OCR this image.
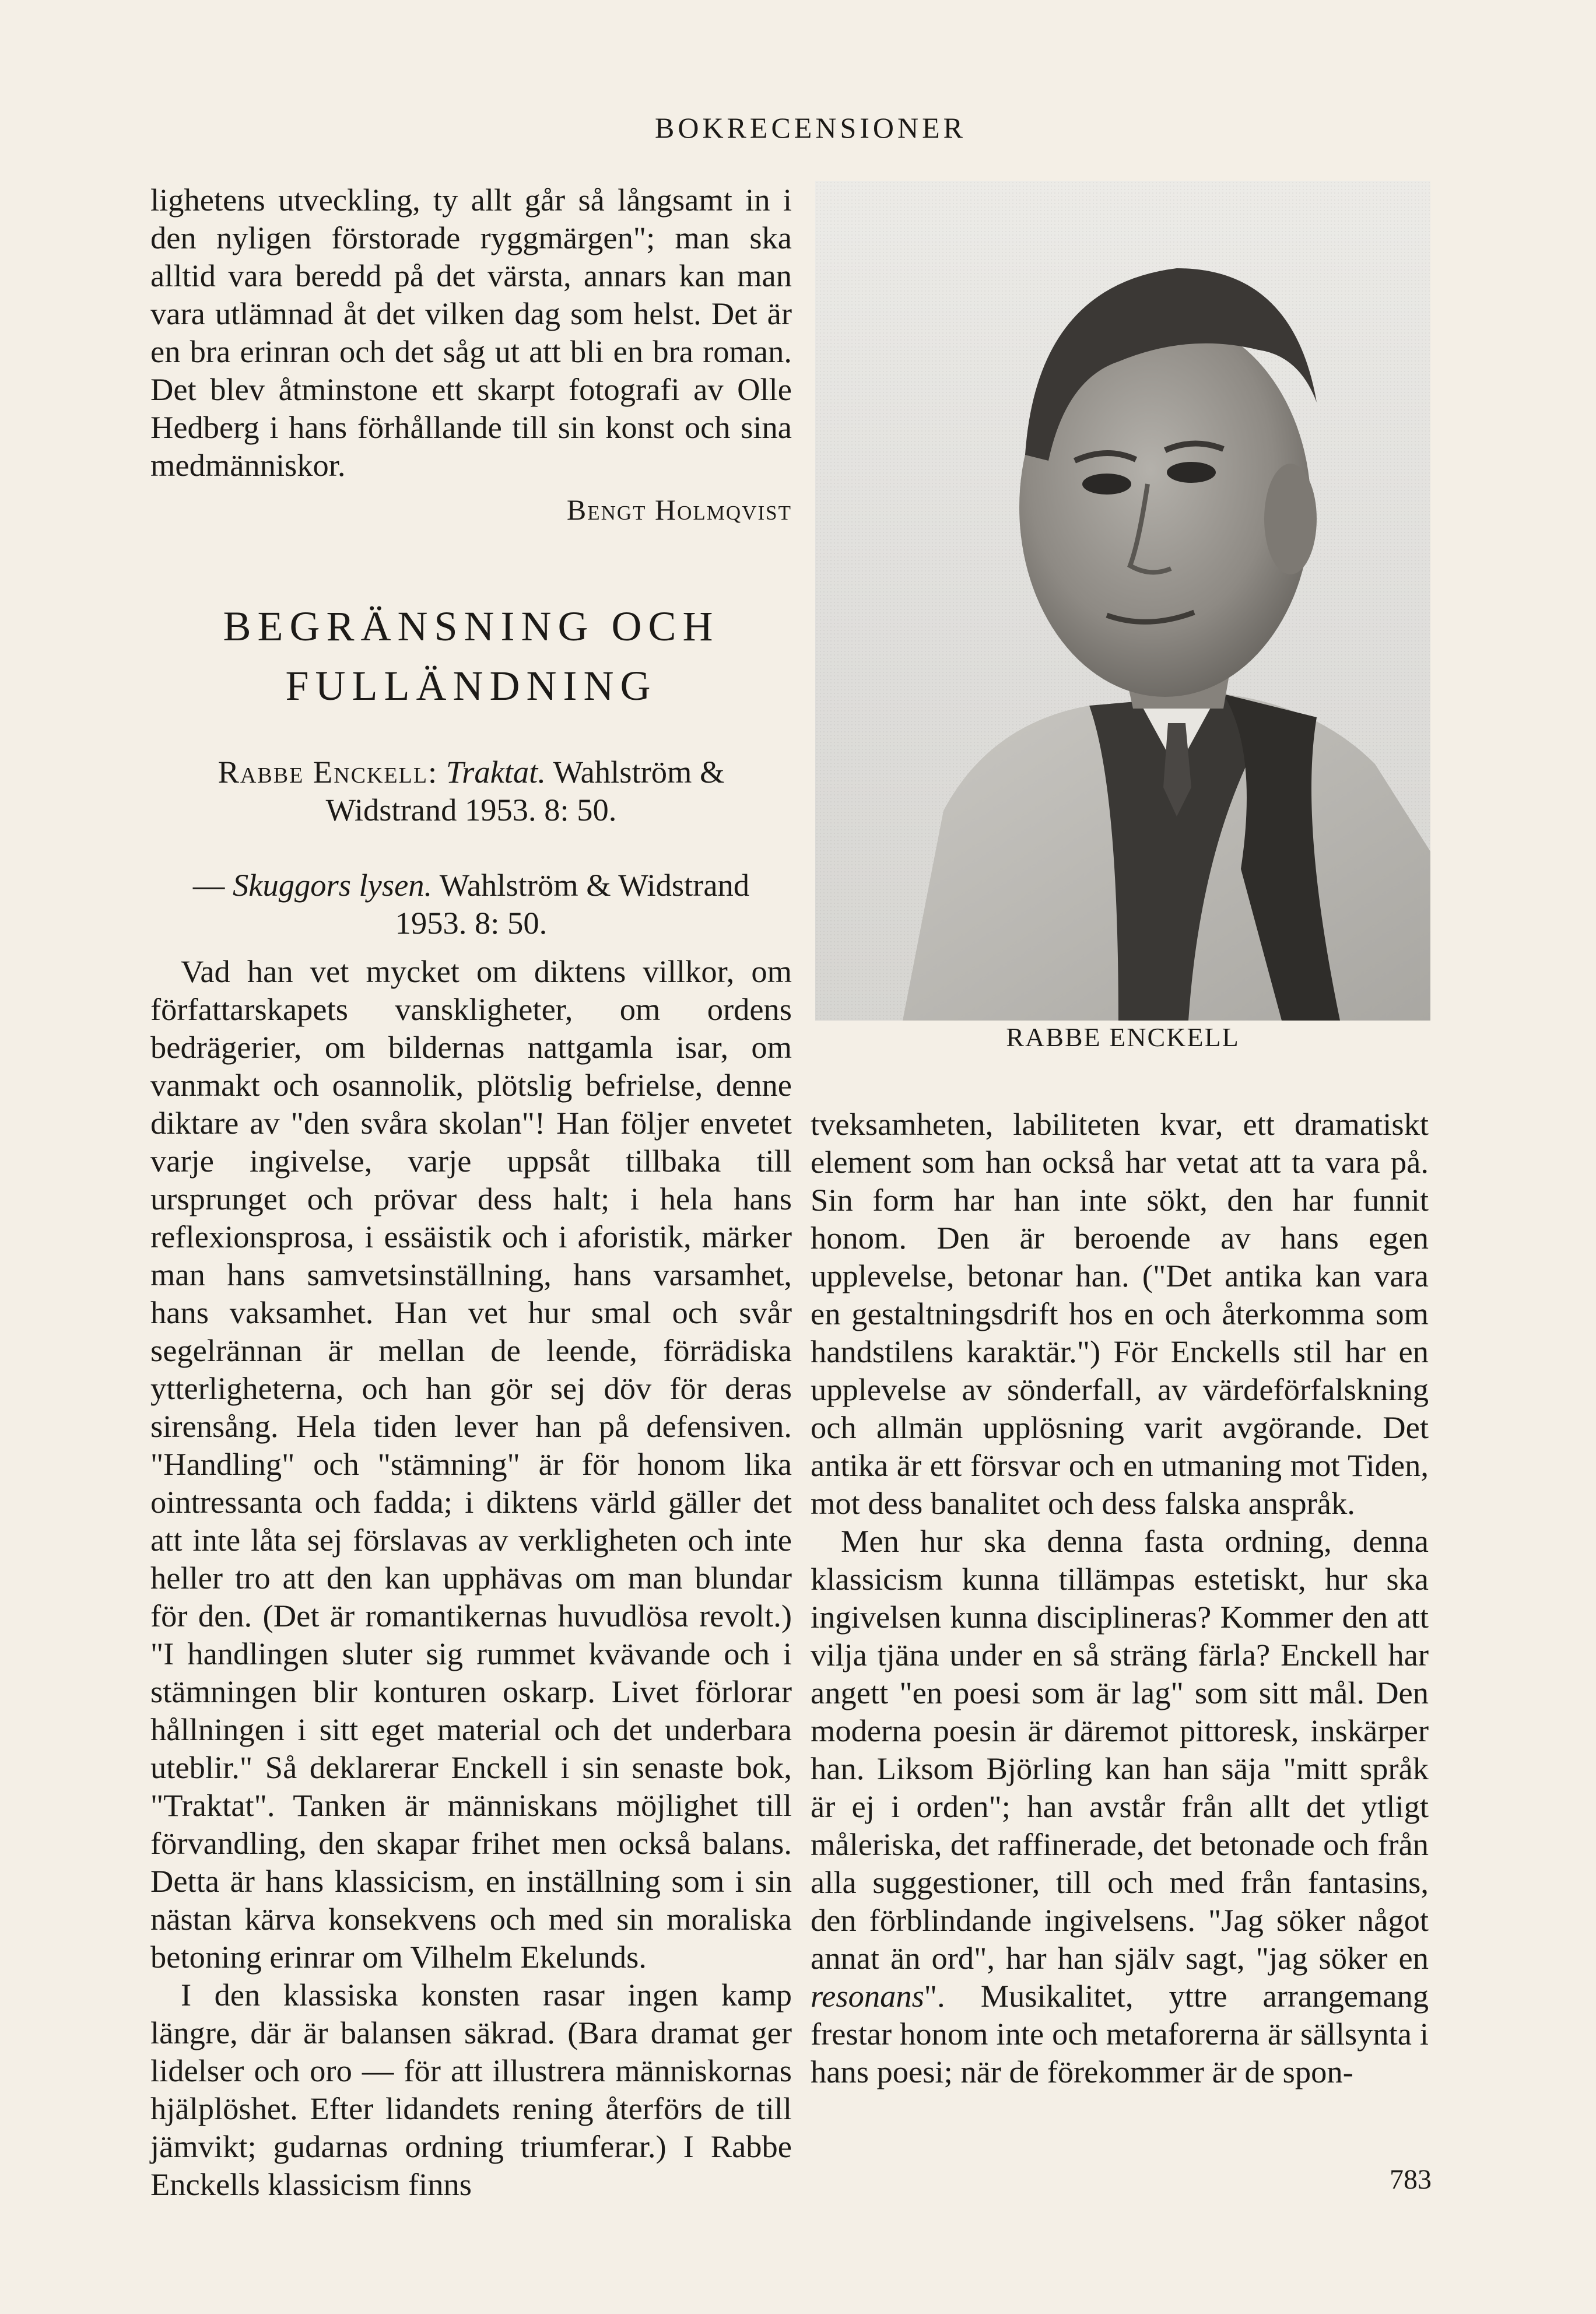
BOKRECENSIONER

lighetens utveckling, ty allt går så långsamt in i den nyligen förstorade ryggmärgen"; man ska alltid vara beredd på det värsta, annars kan man vara utlämnad åt det vilken dag som helst. Det är en bra erinran och det såg ut att bli en bra roman. Det blev åtminstone ett skarpt fotografi av Olle Hedberg i hans förhållande till sin konst och sina medmänniskor.

Bengt Holmqvist

BEGRÄNSNING OCH
FULLÄNDNING

Rabbe Enckell: Traktat. Wahlström & Widstrand 1953. 8: 50.

— Skuggors lysen. Wahlström & Widstrand
1953. 8: 50.

Vad han vet mycket om diktens villkor, om författarskapets vanskligheter, om ordens bedrägerier, om bildernas nattgamla isar, om vanmakt och osannolik, plötslig befrielse, denne diktare av "den svåra skolan"! Han följer envetet varje ingivelse, varje uppsåt tillbaka till ursprunget och prövar dess halt; i hela hans reflexionsprosa, i essäistik och i aforistik, märker man hans samvetsinställning, hans varsamhet, hans vaksamhet. Han vet hur smal och svår segelrännan är mellan de leende, förrädiska ytterligheterna, och han gör sej döv för deras sirensång. Hela tiden lever han på defensiven. "Handling" och "stämning" är för honom lika ointressanta och fadda; i diktens värld gäller det att inte låta sej förslavas av verkligheten och inte heller tro att den kan upphävas om man blundar för den. (Det är romantikernas huvudlösa revolt.) "I handlingen sluter sig rummet kvävande och i stämningen blir konturen oskarp. Livet förlorar hållningen i sitt eget material och det underbara uteblir." Så deklarerar Enckell i sin senaste bok, "Traktat". Tanken är människans möjlighet till förvandling, den skapar frihet men också balans. Detta är hans klassicism, en inställning som i sin nästan kärva konsekvens och med sin moraliska betoning erinrar om Vilhelm Ekelunds.

I den klassiska konsten rasar ingen kamp längre, där är balansen säkrad. (Bara dramat ger lidelser och oro — för att illustrera människornas hjälplöshet. Efter lidandets rening återförs de till jämvikt; gudarnas ordning triumferar.) I Rabbe Enckells klassicism finns

RABBE ENCKELL

tveksamheten, labiliteten kvar, ett dramatiskt element som han också har vetat att ta vara på. Sin form har han inte sökt, den har funnit honom. Den är beroende av hans egen upplevelse, betonar han. ("Det antika kan vara en gestaltningsdrift hos en och återkomma som handstilens karaktär.") För Enckells stil har en upplevelse av sönderfall, av värdeförfalskning och allmän upplösning varit avgörande. Det antika är ett försvar och en utmaning mot Tiden, mot dess banalitet och dess falska anspråk.

Men hur ska denna fasta ordning, denna klassicism kunna tillämpas estetiskt, hur ska ingivelsen kunna disciplineras? Kommer den att vilja tjäna under en så sträng färla? Enckell har angett "en poesi som är lag" som sitt mål. Den moderna poesin är däremot pittoresk, inskärper han. Liksom Björling kan han säja "mitt språk är ej i orden"; han avstår från allt det ytligt måleriska, det raffinerade, det betonade och från alla suggestioner, till och med från fantasins, den förblindande ingivelsens. "Jag söker något annat än ord", har han själv sagt, "jag söker en resonans". Musikalitet, yttre arrangemang frestar honom inte och metaforerna är sällsynta i hans poesi; när de förekommer är de spon-

783
